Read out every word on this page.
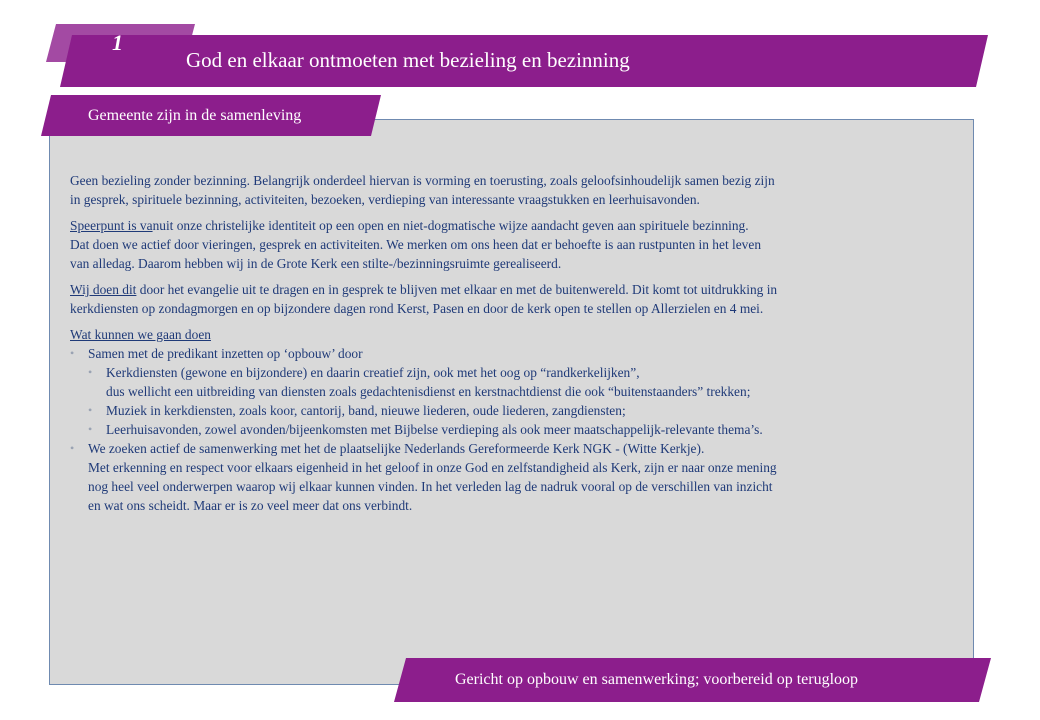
1
God en elkaar ontmoeten met bezieling en bezinning
Gemeente zijn in de samenleving
Geen bezieling zonder bezinning. Belangrijk onderdeel hiervan is vorming en toerusting, zoals geloofsinhoudelijk samen bezig zijn
in gesprek, spirituele bezinning, activiteiten, bezoeken, verdieping van interessante vraagstukken en leerhuisavonden.
Speerpunt is vanuit onze christelijke identiteit op een open en niet-dogmatische wijze aandacht geven aan spirituele bezinning.
Dat doen we actief door vieringen, gesprek en activiteiten. We merken om ons heen dat er behoefte is aan rustpunten in het leven
van alledag. Daarom hebben wij in de Grote Kerk een stilte-/bezinningsruimte gerealiseerd.
Wij doen dit door het evangelie uit te dragen en in gesprek te blijven met elkaar en met de buitenwereld. Dit komt tot uitdrukking in
kerkdiensten op zondagmorgen en op bijzondere dagen rond Kerst, Pasen en door de kerk open te stellen op Allerzielen en 4 mei.
Wat kunnen we gaan doen
• Samen met de predikant inzetten op ‘opbouw’ door
• Kerkdiensten (gewone en bijzondere) en daarin creatief zijn, ook met het oog op “randkerkelijken”,
dus wellicht een uitbreiding van diensten zoals gedachtenisdienst en kerstnachtdienst die ook “buitenstaanders” trekken;
• Muziek in kerkdiensten, zoals koor, cantorij, band, nieuwe liederen, oude liederen, zangdiensten;
• Leerhuisavonden, zowel avonden/bijeenkomsten met Bijbelse verdieping als ook meer maatschappelijk-relevante thema’s.
• We zoeken actief de samenwerking met het de plaatselijke Nederlands Gereformeerde Kerk NGK - (Witte Kerkje).
Met erkenning en respect voor elkaars eigenheid in het geloof in onze God en zelfstandigheid als Kerk, zijn er naar onze mening
nog heel veel onderwerpen waarop wij elkaar kunnen vinden. In het verleden lag de nadruk vooral op de verschillen van inzicht
en wat ons scheidt. Maar er is zo veel meer dat ons verbindt.
Gericht op opbouw en samenwerking; voorbereid op terugloop
